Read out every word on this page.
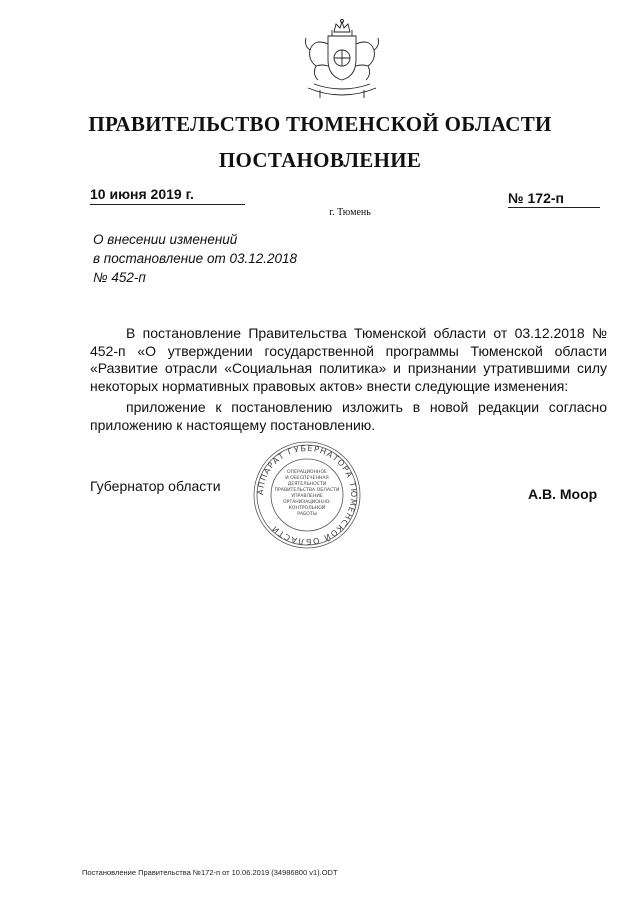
ПРАВИТЕЛЬСТВО ТЮМЕНСКОЙ ОБЛАСТИ
ПОСТАНОВЛЕНИЕ
10 июня 2019 г.	№ 172-п
г. Тюмень
О внесении изменений
в постановление от 03.12.2018
№ 452-п
В постановление Правительства Тюменской области от 03.12.2018 № 452-п «О утверждении государственной программы Тюменской области «Развитие отрасли «Социальная политика» и признании утратившими силу некоторых нормативных правовых актов» внести следующие изменения:
приложение к постановлению изложить в новой редакции согласно приложению к настоящему постановлению.
Губернатор области	А.В. Моор
АППАРАТ ГУБЕРНАТОРА ТЮМЕНСКОЙ ОБЛАСТИ
ОПЕРАЦИОННОЕ
И ОБЕСПЕЧЕННАЯ
ДЕЯТЕЛЬНОСТИ
ПРАВИТЕЛЬСТВА ОБЛАСТИ
УПРАВЛЕНИЕ
ОРГАНИЗАЦИОННО-
КОНТРОЛЬНОЙ
РАБОТЫ
Постановление Правительства №172-п от 10.06.2019 (34986800 v1).ODT
